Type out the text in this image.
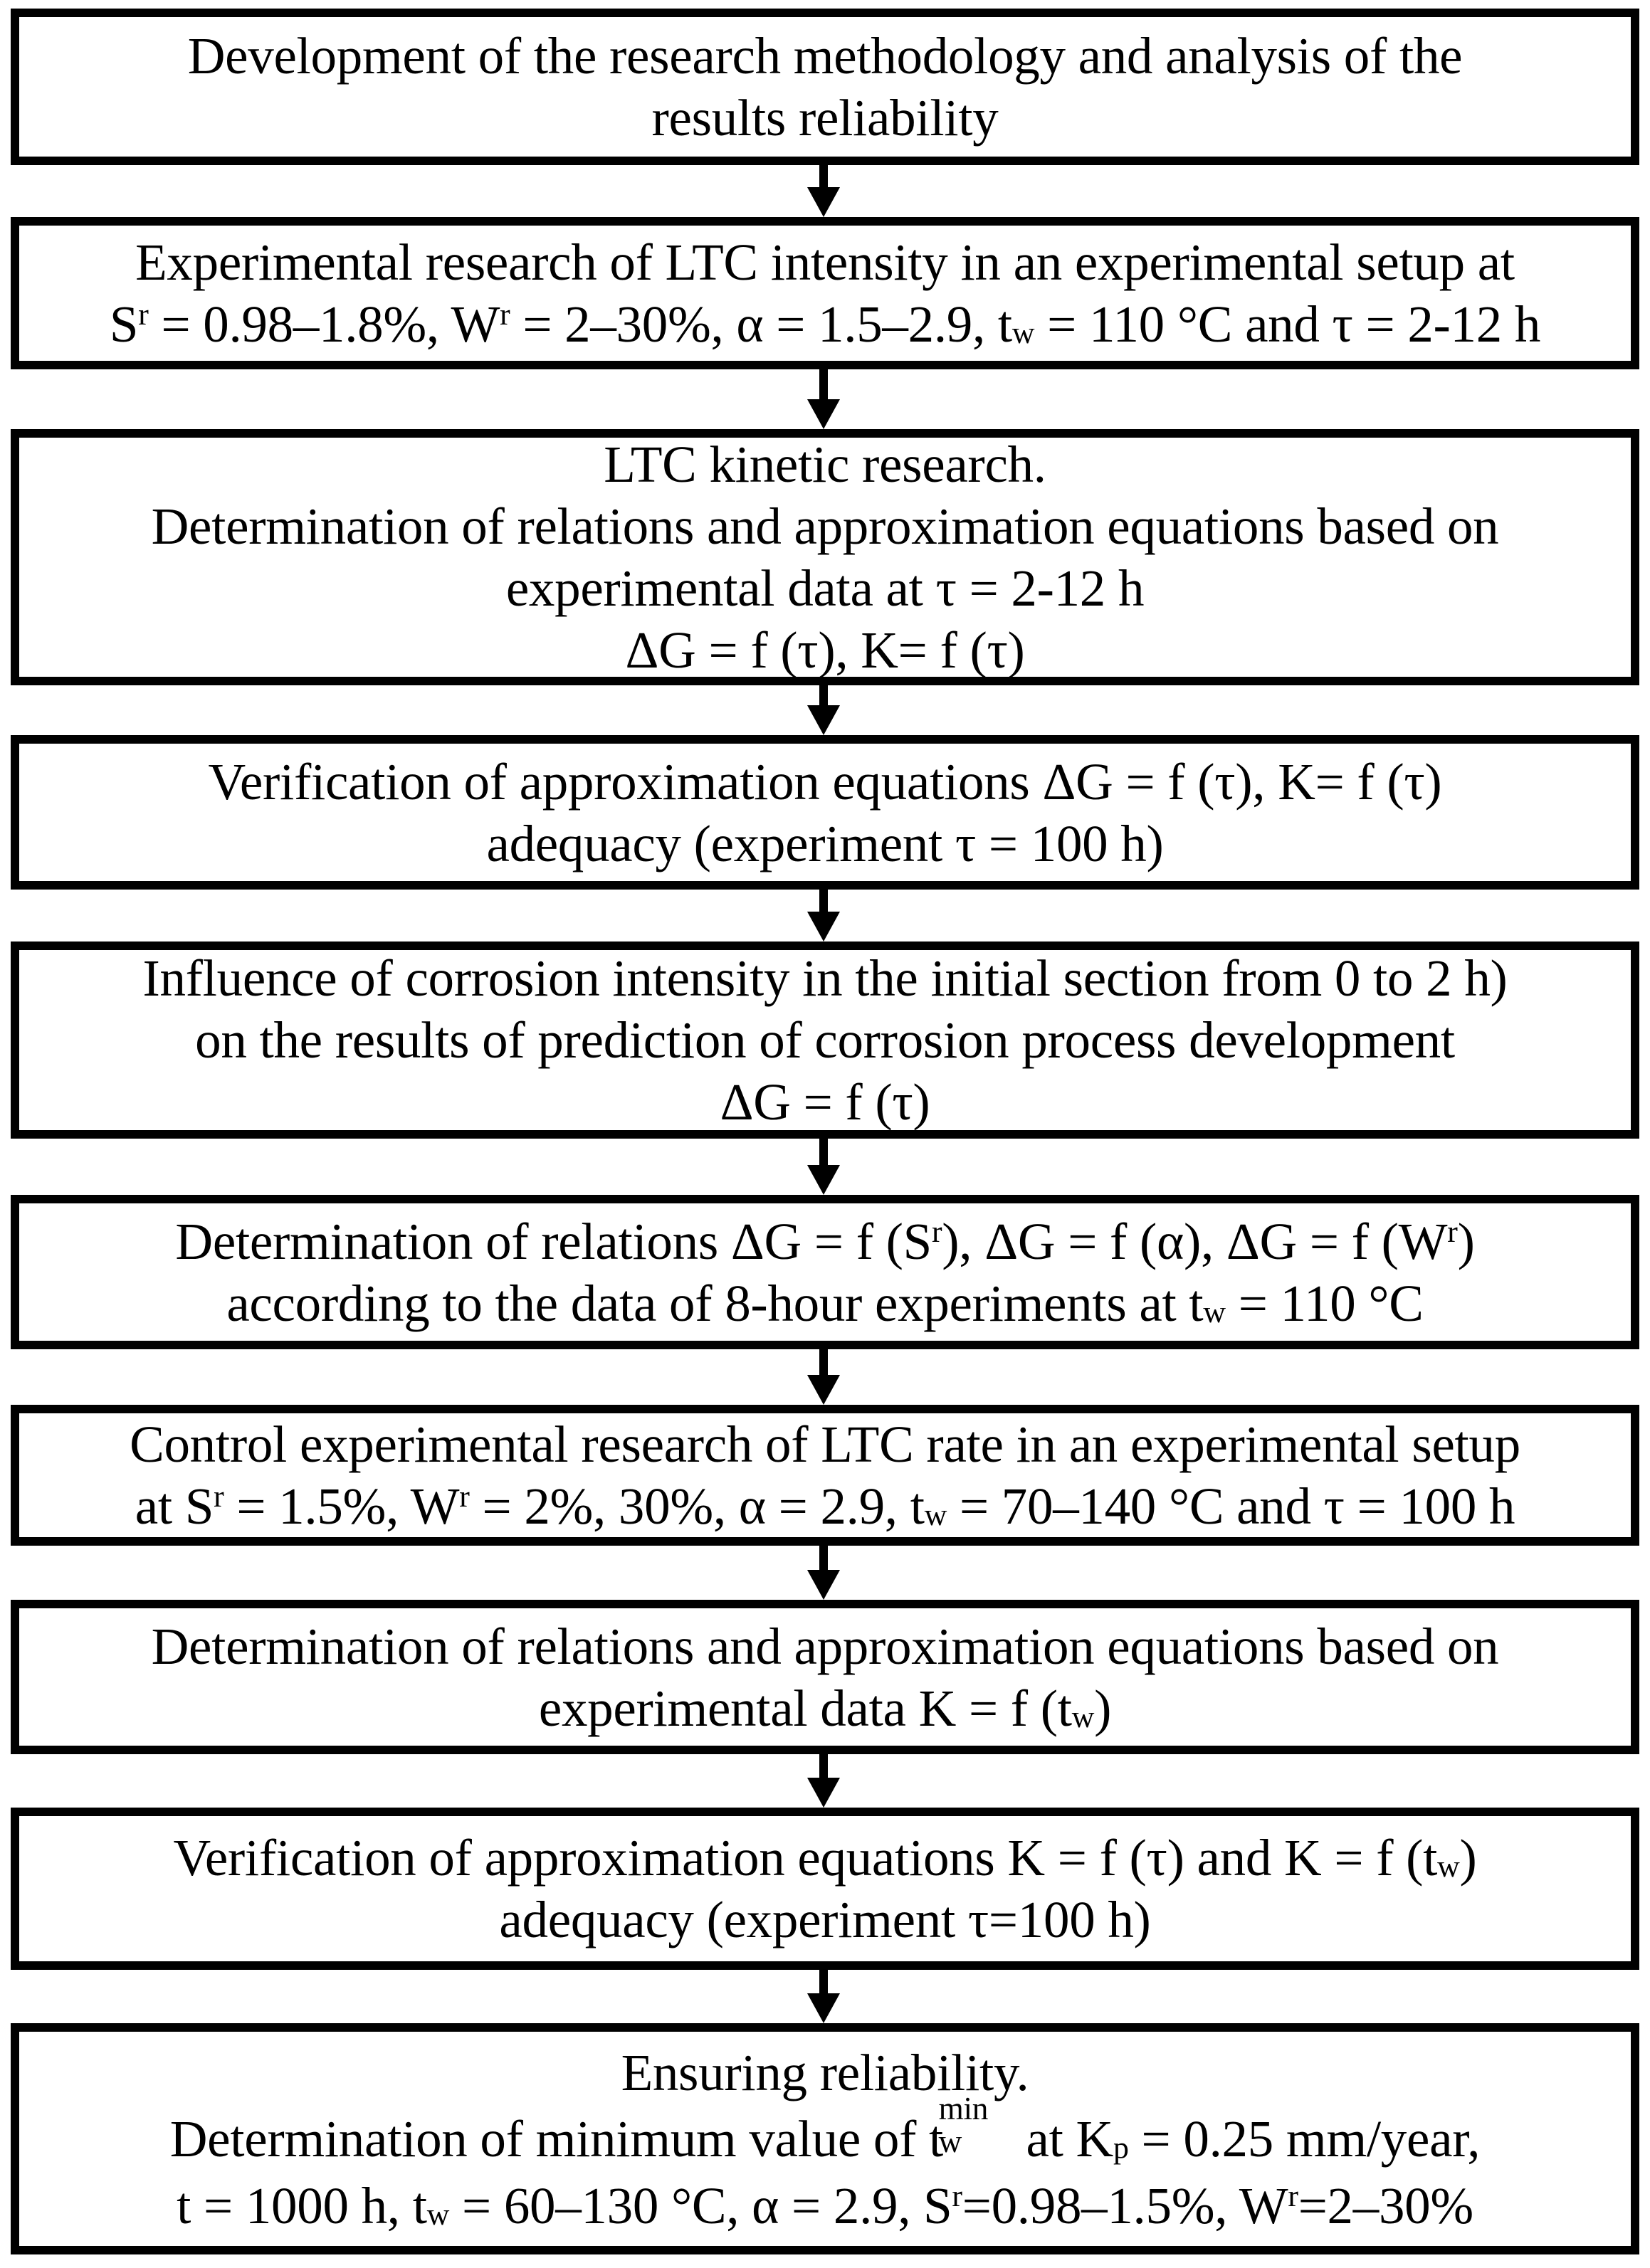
Development of the research methodology and analysis of the
results reliability
Experimental research of LTC intensity in an experimental setup at
$S^r = 0.98-1.8\%$, $W^r = 2-30\%$, α = 1.5–2.9, $t_w = 110$ °C and τ = 2-12 h
LTC kinetic research.
Determination of relations and approximation equations based on
experimental data at τ = 2-12 h
ΔG = f (τ), K= f (τ)
Verification of approximation equations ΔG = f (τ), K= f (τ)
adequacy (experiment τ = 100 h)
Influence of corrosion intensity in the initial section from 0 to 2 h)
on the results of prediction of corrosion process development
ΔG = f (τ)
Determination of relations ΔG = f $(S^r)$, ΔG = f (α), ΔG = f $(W^r)$
according to the data of 8-hour experiments at $t_w = 110$ °C
Control experimental research of LTC rate in an experimental setup
at $S^r = 1.5\%$, $W^r = 2\%$, 30%, α = 2.9, $t_w = 70-140$ °C and τ = 100 h
Determination of relations and approximation equations based on
experimental data K = f $(t_w)$
Verification of approximation equations K = f (τ) and K = f $(t_w)$
adequacy (experiment τ=100 h)
Ensuring reliability.
Determination of minimum value of t
min
w at $K_p = 0.25$ mm/year,
t = 1000 h, $t_w = 60-130$ °C, α = 2.9, $S^r=0.98-1.5\%$, $W^r=2-30\%$
